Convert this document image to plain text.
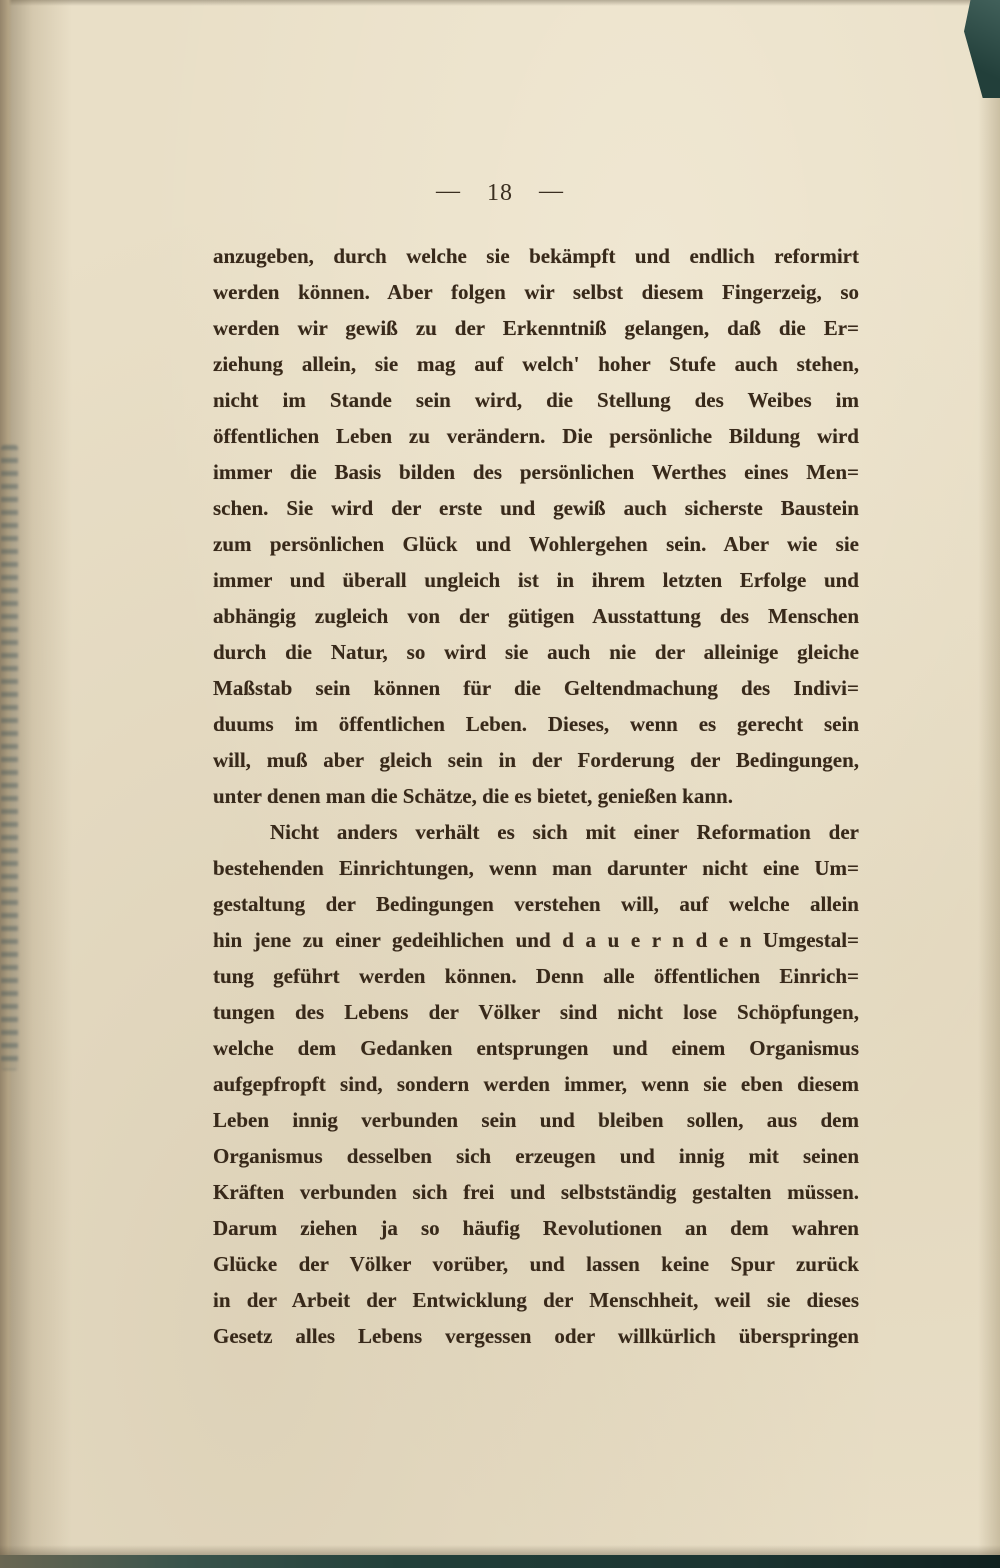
— 18 —
anzugeben, durch welche sie bekämpft und endlich reformirt
werden können. Aber folgen wir selbst diesem Fingerzeig, so
werden wir gewiß zu der Erkenntniß gelangen, daß die Er=
ziehung allein, sie mag auf welch' hoher Stufe auch stehen,
nicht im Stande sein wird, die Stellung des Weibes im
öffentlichen Leben zu verändern. Die persönliche Bildung wird
immer die Basis bilden des persönlichen Werthes eines Men=
schen. Sie wird der erste und gewiß auch sicherste Baustein
zum persönlichen Glück und Wohlergehen sein. Aber wie sie
immer und überall ungleich ist in ihrem letzten Erfolge und
abhängig zugleich von der gütigen Ausstattung des Menschen
durch die Natur, so wird sie auch nie der alleinige gleiche
Maßstab sein können für die Geltendmachung des Indivi=
duums im öffentlichen Leben. Dieses, wenn es gerecht sein
will, muß aber gleich sein in der Forderung der Bedingungen,
unter denen man die Schätze, die es bietet, genießen kann.
Nicht anders verhält es sich mit einer Reformation der
bestehenden Einrichtungen, wenn man darunter nicht eine Um=
gestaltung der Bedingungen verstehen will, auf welche allein
hin jene zu einer gedeihlichen und d a u e r n d e n Umgestal=
tung geführt werden können. Denn alle öffentlichen Einrich=
tungen des Lebens der Völker sind nicht lose Schöpfungen,
welche dem Gedanken entsprungen und einem Organismus
aufgepfropft sind, sondern werden immer, wenn sie eben diesem
Leben innig verbunden sein und bleiben sollen, aus dem
Organismus desselben sich erzeugen und innig mit seinen
Kräften verbunden sich frei und selbstständig gestalten müssen.
Darum ziehen ja so häufig Revolutionen an dem wahren
Glücke der Völker vorüber, und lassen keine Spur zurück
in der Arbeit der Entwicklung der Menschheit, weil sie dieses
Gesetz alles Lebens vergessen oder willkürlich überspringen
